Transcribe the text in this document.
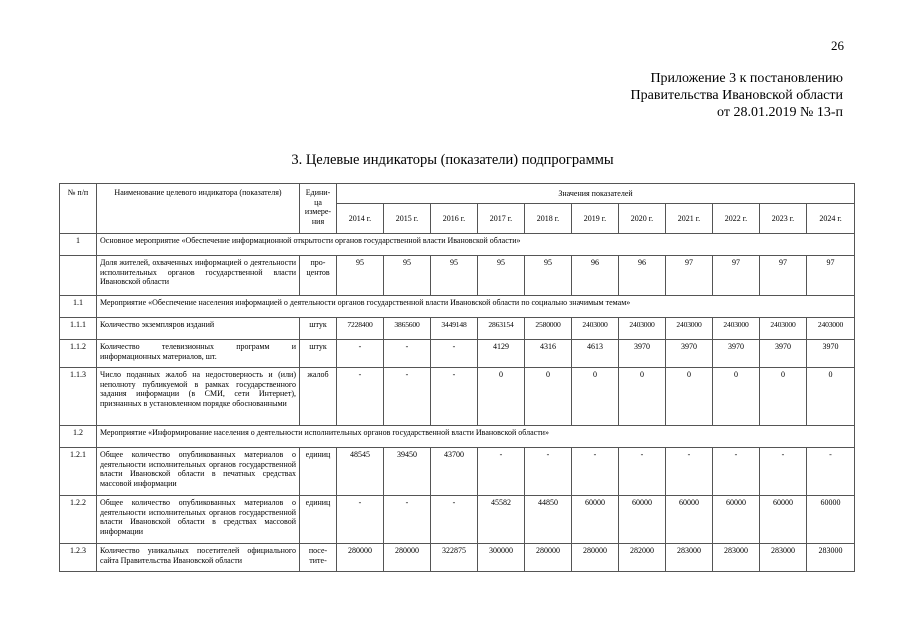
26
Приложение 3 к постановлению
Правительства Ивановской области
от 28.01.2019 № 13-п
3. Целевые индикаторы (показатели) подпрограммы
№ п/п	Наименование целевого индикатора (показателя)	Едини-ца измере-ния	Значения показателей										
			2014 г.	2015 г.	2016 г.	2017 г.	2018 г.	2019 г.	2020 г.	2021 г.	2022 г.	2023 г.	2024 г.
1	Основное мероприятие «Обеспечение информационной открытости органов государственной власти Ивановской области»												
	Доля жителей, охваченных информацией о деятельности исполнительных органов государственной власти Ивановской области	про-центов	95	95	95	95	95	96	96	97	97	97	97
1.1	Мероприятие «Обеспечение населения информацией о деятельности органов государственной власти Ивановской области по социально значимым темам»												
1.1.1	Количество экземпляров изданий	штук	7228400	3865600	3449148	2863154	2580000	2403000	2403000	2403000	2403000	2403000	2403000
1.1.2	Количество телевизионных программ и информационных материалов, шт.	штук	-	-	-	4129	4316	4613	3970	3970	3970	3970	3970
1.1.3	Число поданных жалоб на недостоверность и (или) неполноту публикуемой в рамках государственного задания информации (в СМИ, сети Интернет), признанных в установленном порядке обоснованными	жалоб	-	-	-	0	0	0	0	0	0	0	0
1.2	Мероприятие «Информирование населения о деятельности исполнительных органов государственной власти Ивановской области»												
1.2.1	Общее количество опубликованных материалов о деятельности исполнительных органов государственной власти Ивановской области в печатных средствах массовой информации	единиц	48545	39450	43700	-	-	-	-	-	-	-	-
1.2.2	Общее количество опубликованных материалов о деятельности исполнительных органов государственной власти Ивановской области в средствах массовой информации	единиц	-	-	-	45582	44850	60000	60000	60000	60000	60000	60000
1.2.3	Количество уникальных посетителей официального сайта Правительства Ивановской области	посе-тите-	280000	280000	322875	300000	280000	280000	282000	283000	283000	283000	283000
